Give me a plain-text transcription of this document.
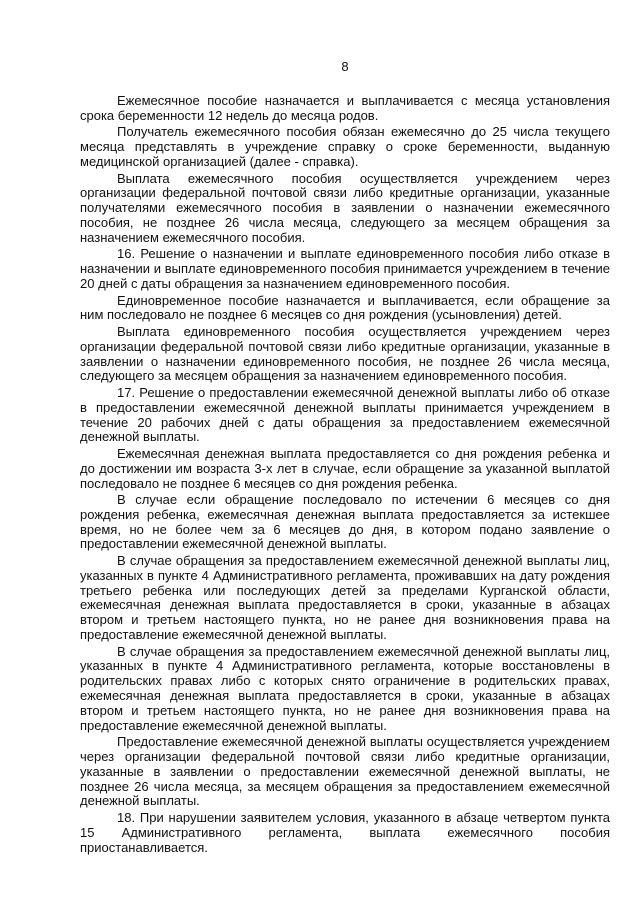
8

Ежемесячное пособие назначается и выплачивается с месяца установления срока беременности 12 недель до месяца родов.

Получатель ежемесячного пособия обязан ежемесячно до 25 числа текущего месяца представлять в учреждение справку о сроке беременности, выданную медицинской организацией (далее - справка).

Выплата ежемесячного пособия осуществляется учреждением через организации федеральной почтовой связи либо кредитные организации, указанные получателями ежемесячного пособия в заявлении о назначении ежемесячного пособия, не позднее 26 числа месяца, следующего за месяцем обращения за назначением ежемесячного пособия.

16. Решение о назначении и выплате единовременного пособия либо отказе в назначении и выплате единовременного пособия принимается учреждением в течение 20 дней с даты обращения за назначением единовременного пособия.

Единовременное пособие назначается и выплачивается, если обращение за ним последовало не позднее 6 месяцев со дня рождения (усыновления) детей.

Выплата единовременного пособия осуществляется учреждением через организации федеральной почтовой связи либо кредитные организации, указанные в заявлении о назначении единовременного пособия, не позднее 26 числа месяца, следующего за месяцем обращения за назначением единовременного пособия.

17. Решение о предоставлении ежемесячной денежной выплаты либо об отказе в предоставлении ежемесячной денежной выплаты принимается учреждением в течение 20 рабочих дней с даты обращения за предоставлением ежемесячной денежной выплаты.

Ежемесячная денежная выплата предоставляется со дня рождения ребенка и до достижении им возраста 3-х лет в случае, если обращение за указанной выплатой последовало не позднее 6 месяцев со дня рождения ребенка.

В случае если обращение последовало по истечении 6 месяцев со дня рождения ребенка, ежемесячная денежная выплата предоставляется за истекшее время, но не более чем за 6 месяцев до дня, в котором подано заявление о предоставлении ежемесячной денежной выплаты.

В случае обращения за предоставлением ежемесячной денежной выплаты лиц, указанных в пункте 4 Административного регламента, проживавших на дату рождения третьего ребенка или последующих детей за пределами Курганской области, ежемесячная денежная выплата предоставляется в сроки, указанные в абзацах втором и третьем настоящего пункта, но не ранее дня возникновения права на предоставление ежемесячной денежной выплаты.

В случае обращения за предоставлением ежемесячной денежной выплаты лиц, указанных в пункте 4 Административного регламента, которые восстановлены в родительских правах либо с которых снято ограничение в родительских правах, ежемесячная денежная выплата предоставляется в сроки, указанные в абзацах втором и третьем настоящего пункта, но не ранее дня возникновения права на предоставление ежемесячной денежной выплаты.

Предоставление ежемесячной денежной выплаты осуществляется учреждением через организации федеральной почтовой связи либо кредитные организации, указанные в заявлении о предоставлении ежемесячной денежной выплаты, не позднее 26 числа месяца, за месяцем обращения за предоставлением ежемесячной денежной выплаты.

18. При нарушении заявителем условия, указанного в абзаце четвертом пункта 15 Административного регламента, выплата ежемесячного пособия приостанавливается.
